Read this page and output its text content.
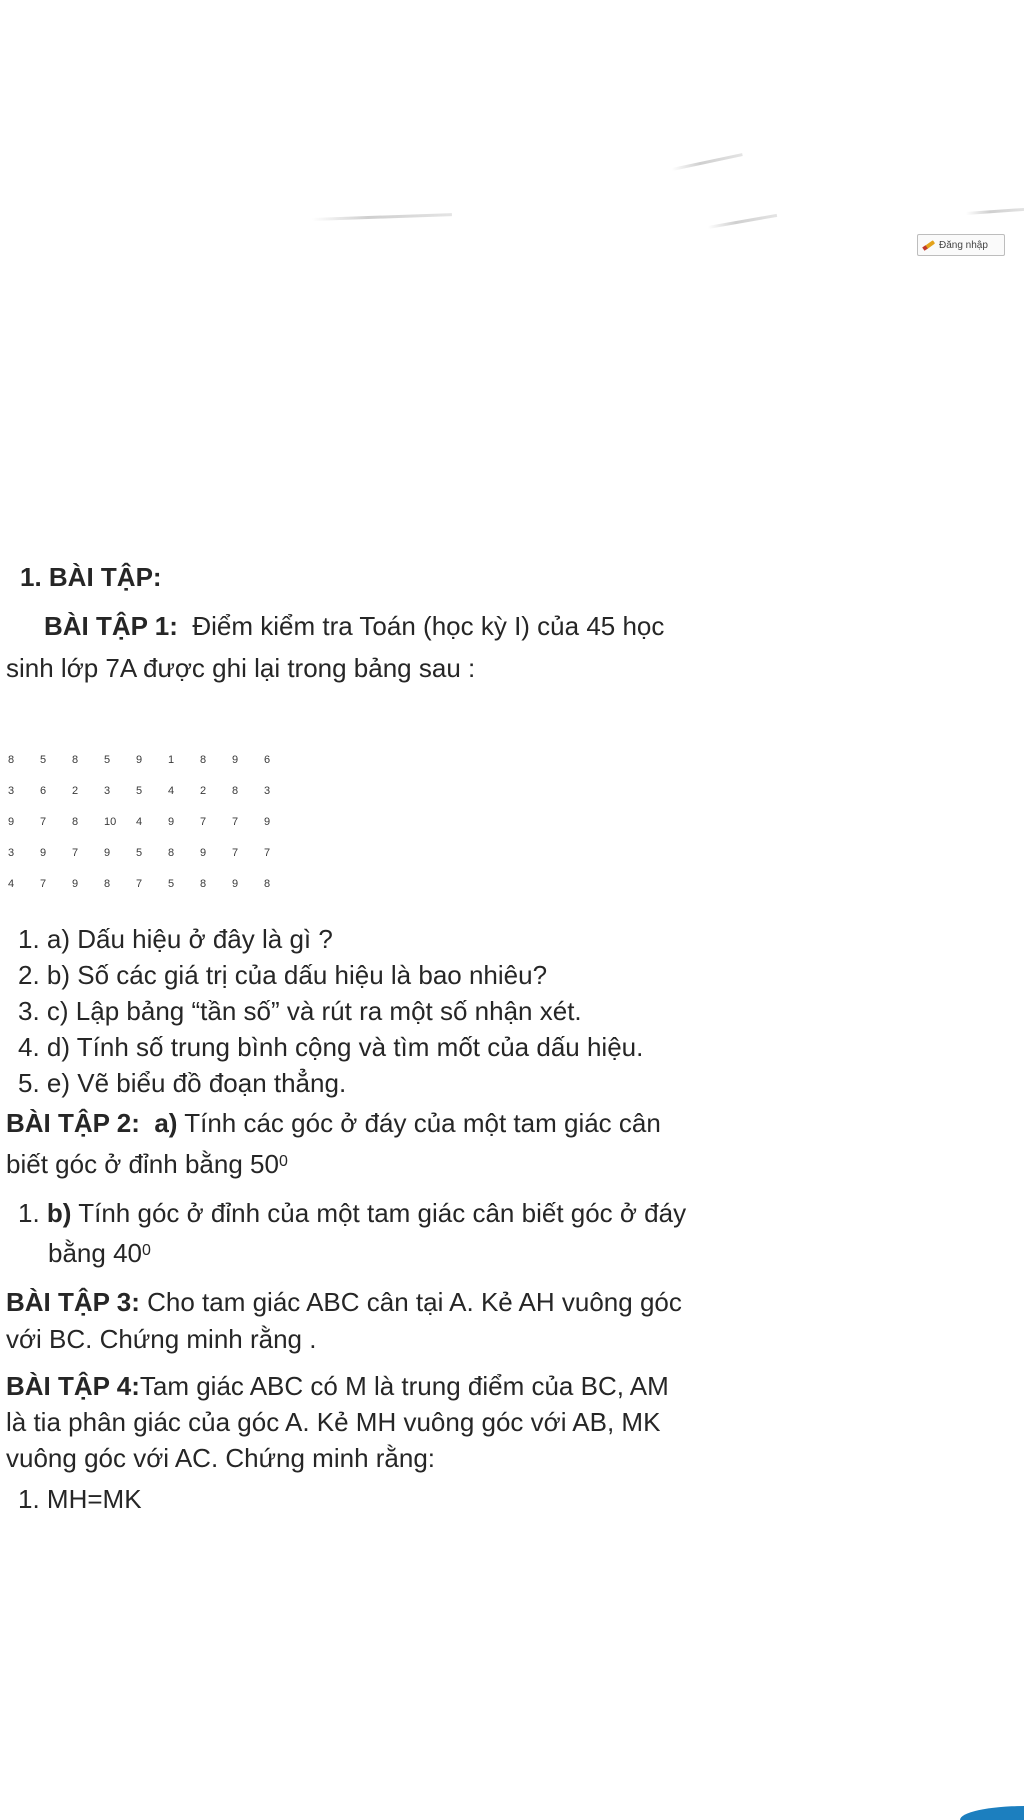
Đăng nhập
1. BÀI TẬP:
BÀI TẬP 1: Điểm kiểm tra Toán (học kỳ I) của 45 học
sinh lớp 7A được ghi lại trong bảng sau :
8	5	8	5	9	1	8	9	6
3	6	2	3	5	4	2	8	3
9	7	8	10	4	9	7	7	9
3	9	7	9	5	8	9	7	7
4	7	9	8	7	5	8	9	8
1. a) Dấu hiệu ở đây là gì ?
2. b) Số các giá trị của dấu hiệu là bao nhiêu?
3. c) Lập bảng “tần số” và rút ra một số nhận xét.
4. d) Tính số trung bình cộng và tìm mốt của dấu hiệu.
5. e) Vẽ biểu đồ đoạn thẳng.
BÀI TẬP 2: a) Tính các góc ở đáy của một tam giác cân
biết góc ở đỉnh bằng $50^0$
1. b) Tính góc ở đỉnh của một tam giác cân biết góc ở đáy
bằng $40^0$
BÀI TẬP 3: Cho tam giác ABC cân tại A. Kẻ AH vuông góc
với BC. Chứng minh rằng .
BÀI TẬP 4:Tam giác ABC có M là trung điểm của BC, AM
là tia phân giác của góc A. Kẻ MH vuông góc với AB, MK
vuông góc với AC. Chứng minh rằng:
1. MH=MK
